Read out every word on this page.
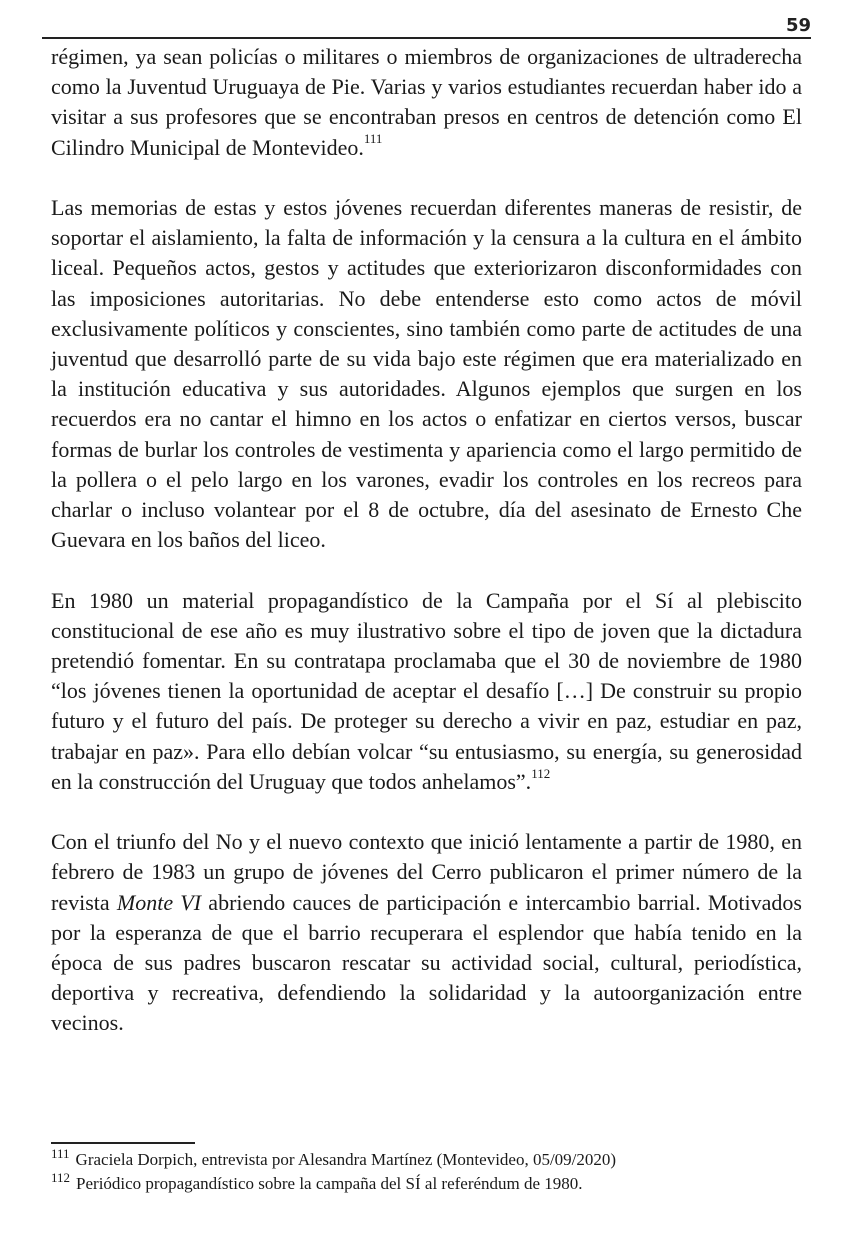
59

régimen, ya sean policías o militares o miembros de organizaciones de ultraderecha como la Juventud Uruguaya de Pie. Varias y varios estudiantes recuerdan haber ido a visitar a sus profesores que se encontraban presos en centros de detención como El Cilindro Municipal de Montevideo.$^{111}$

Las memorias de estas y estos jóvenes recuerdan diferentes maneras de resistir, de soportar el aislamiento, la falta de información y la censura a la cultura en el ámbito liceal. Pequeños actos, gestos y actitudes que exteriorizaron disconformidades con las imposiciones autoritarias. No debe entenderse esto como actos de móvil exclusivamente políticos y conscientes, sino también como parte de actitudes de una juventud que desarrolló parte de su vida bajo este régimen que era materializado en la institución educativa y sus autoridades. Algunos ejemplos que surgen en los recuerdos era no cantar el himno en los actos o enfatizar en ciertos versos, buscar formas de burlar los controles de vestimenta y apariencia como el largo permitido de la pollera o el pelo largo en los varones, evadir los controles en los recreos para charlar o incluso volantear por el 8 de octubre, día del asesinato de Ernesto Che Guevara en los baños del liceo.

En 1980 un material propagandístico de la Campaña por el Sí al plebiscito constitucional de ese año es muy ilustrativo sobre el tipo de joven que la dictadura pretendió fomentar. En su contratapa proclamaba que el 30 de noviembre de 1980 “los jóvenes tienen la oportunidad de aceptar el desafío […] De construir su propio futuro y el futuro del país. De proteger su derecho a vivir en paz, estudiar en paz, trabajar en paz». Para ello debían volcar “su entusiasmo, su energía, su generosidad en la construcción del Uruguay que todos anhelamos”.$^{112}$

Con el triunfo del No y el nuevo contexto que inició lentamente a partir de 1980, en febrero de 1983 un grupo de jóvenes del Cerro publicaron el primer número de la revista Monte VI abriendo cauces de participación e intercambio barrial. Motivados por la esperanza de que el barrio recuperara el esplendor que había tenido en la época de sus padres buscaron rescatar su actividad social, cultural, periodística, deportiva y recreativa, defendiendo la solidaridad y la autoorganización entre vecinos.

$^{111}$ Graciela Dorpich, entrevista por Alesandra Martínez (Montevideo, 05/09/2020)

$^{112}$ Periódico propagandístico sobre la campaña del SÍ al referéndum de 1980.
